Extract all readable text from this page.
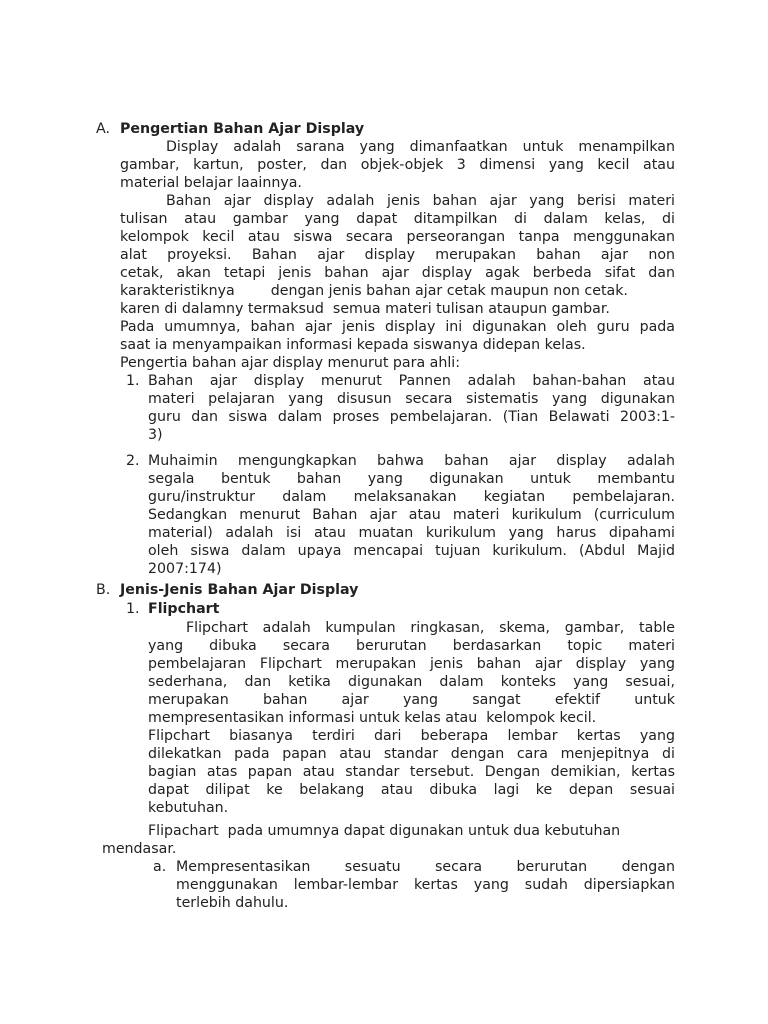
A. Pengertian Bahan Ajar Display
Display adalah sarana yang dimanfaatkan untuk menampilkan
gambar, kartun, poster, dan objek-objek 3 dimensi yang kecil atau
material belajar laainnya.
Bahan ajar display adalah jenis bahan ajar yang berisi materi
tulisan atau gambar yang dapat ditampilkan di dalam kelas, di
kelompok kecil atau siswa secara perseorangan tanpa menggunakan
alat proyeksi. Bahan ajar display merupakan bahan ajar non
cetak, akan tetapi jenis bahan ajar display agak berbeda sifat dan
karakteristiknya        dengan jenis bahan ajar cetak maupun non cetak.
karen di dalamny termaksud  semua materi tulisan ataupun gambar.
Pada umumnya, bahan ajar jenis display ini digunakan oleh guru pada
saat ia menyampaikan informasi kepada siswanya didepan kelas.
Pengertia bahan ajar display menurut para ahli:
1. Bahan ajar display menurut Pannen adalah bahan-bahan atau
materi pelajaran yang disusun secara sistematis yang digunakan
guru dan siswa dalam proses pembelajaran. (Tian Belawati 2003:1-
3)
2. Muhaimin mengungkapkan bahwa bahan ajar display adalah
segala bentuk bahan yang digunakan untuk membantu
guru/instruktur dalam melaksanakan kegiatan pembelajaran.
Sedangkan menurut Bahan ajar atau materi kurikulum (curriculum
material) adalah isi atau muatan kurikulum yang harus dipahami
oleh siswa dalam upaya mencapai tujuan kurikulum. (Abdul Majid
2007:174)
B. Jenis-Jenis Bahan Ajar Display
1. Flipchart
Flipchart adalah kumpulan ringkasan, skema, gambar, table
yang dibuka secara berurutan berdasarkan topic materi
pembelajaran Flipchart merupakan jenis bahan ajar display yang
sederhana, dan ketika digunakan dalam konteks yang sesuai,
merupakan bahan ajar yang sangat efektif untuk
mempresentasikan informasi untuk kelas atau  kelompok kecil.
Flipchart biasanya terdiri dari beberapa lembar kertas yang
dilekatkan pada papan atau standar dengan cara menjepitnya di
bagian atas papan atau standar tersebut. Dengan demikian, kertas
dapat dilipat ke belakang atau dibuka lagi ke depan sesuai
kebutuhan.
Flipachart  pada umumnya dapat digunakan untuk dua kebutuhan
mendasar.
a. Mempresentasikan sesuatu secara berurutan dengan
menggunakan lembar-lembar kertas yang sudah dipersiapkan
terlebih dahulu.
